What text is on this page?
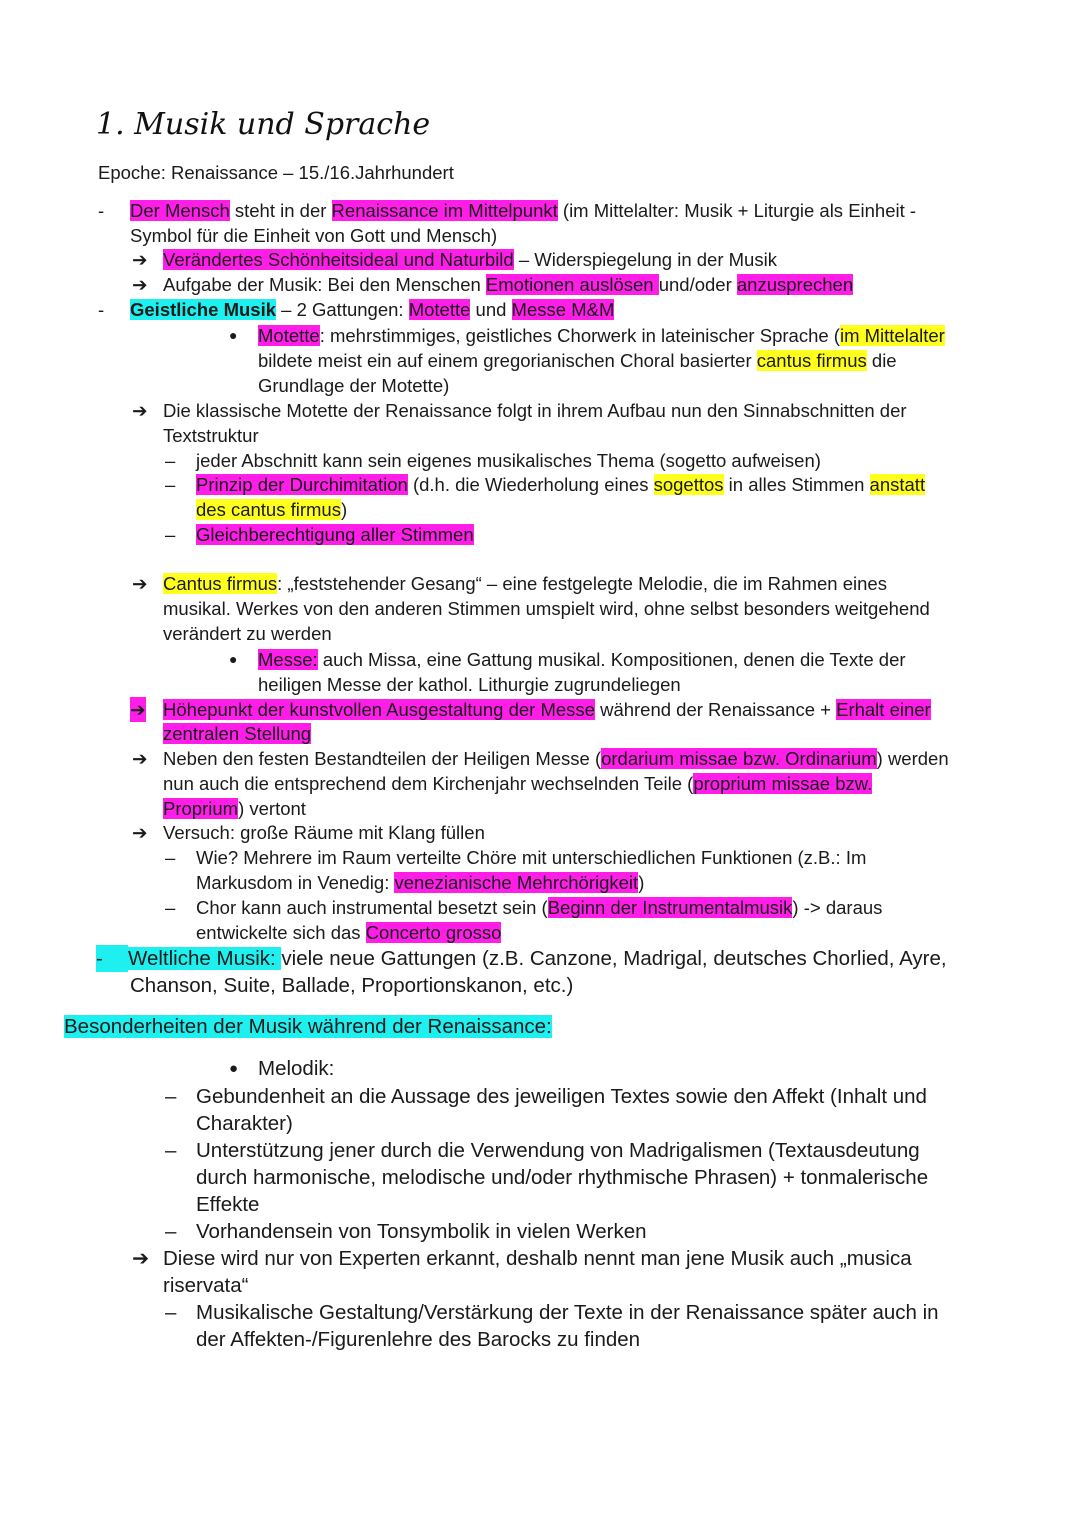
1. Musik und Sprache
Epoche: Renaissance – 15./16.Jahrhundert
-
➔
➔
-
●
➔
–
–
–
➔
●
➔
➔
➔
–
–
-
●
–
–
–
➔
–
Der Mensch steht in der Renaissance im Mittelpunkt (im Mittelalter: Musik + Liturgie als Einheit -
Symbol für die Einheit von Gott und Mensch)
Verändertes Schönheitsideal und Naturbild – Widerspiegelung in der Musik
Aufgabe der Musik: Bei den Menschen Emotionen auslösen und/oder anzusprechen
Geistliche Musik – 2 Gattungen: Motette und Messe M&M
Motette: mehrstimmiges, geistliches Chorwerk in lateinischer Sprache (im Mittelalter
bildete meist ein auf einem gregorianischen Choral basierter cantus firmus die
Grundlage der Motette)
Die klassische Motette der Renaissance folgt in ihrem Aufbau nun den Sinnabschnitten der
Textstruktur
jeder Abschnitt kann sein eigenes musikalisches Thema (sogetto aufweisen)
Prinzip der Durchimitation (d.h. die Wiederholung eines sogettos in alles Stimmen anstatt
des cantus firmus)
Gleichberechtigung aller Stimmen
Cantus firmus: „feststehender Gesang“ – eine festgelegte Melodie, die im Rahmen eines
musikal. Werkes von den anderen Stimmen umspielt wird, ohne selbst besonders weitgehend
verändert zu werden
Messe: auch Missa, eine Gattung musikal. Kompositionen, denen die Texte der
heiligen Messe der kathol. Lithurgie zugrundeliegen
Höhepunkt der kunstvollen Ausgestaltung der Messe während der Renaissance + Erhalt einer
zentralen Stellung
Neben den festen Bestandteilen der Heiligen Messe (ordarium missae bzw. Ordinarium) werden
nun auch die entsprechend dem Kirchenjahr wechselnden Teile (proprium missae bzw.
Proprium) vertont
Versuch: große Räume mit Klang füllen
Wie? Mehrere im Raum verteilte Chöre mit unterschiedlichen Funktionen (z.B.: Im
Markusdom in Venedig: venezianische Mehrchörigkeit)
Chor kann auch instrumental besetzt sein (Beginn der Instrumentalmusik) -> daraus
entwickelte sich das Concerto grosso
Weltliche Musik: viele neue Gattungen (z.B. Canzone, Madrigal, deutsches Chorlied, Ayre,
Chanson, Suite, Ballade, Proportionskanon, etc.)
Besonderheiten der Musik während der Renaissance:
Melodik:
Gebundenheit an die Aussage des jeweiligen Textes sowie den Affekt (Inhalt und
Charakter)
Unterstützung jener durch die Verwendung von Madrigalismen (Textausdeutung
durch harmonische, melodische und/oder rhythmische Phrasen) + tonmalerische
Effekte
Vorhandensein von Tonsymbolik in vielen Werken
Diese wird nur von Experten erkannt, deshalb nennt man jene Musik auch „musica
riservata“
Musikalische Gestaltung/Verstärkung der Texte in der Renaissance später auch in
der Affekten-/Figurenlehre des Barocks zu finden
